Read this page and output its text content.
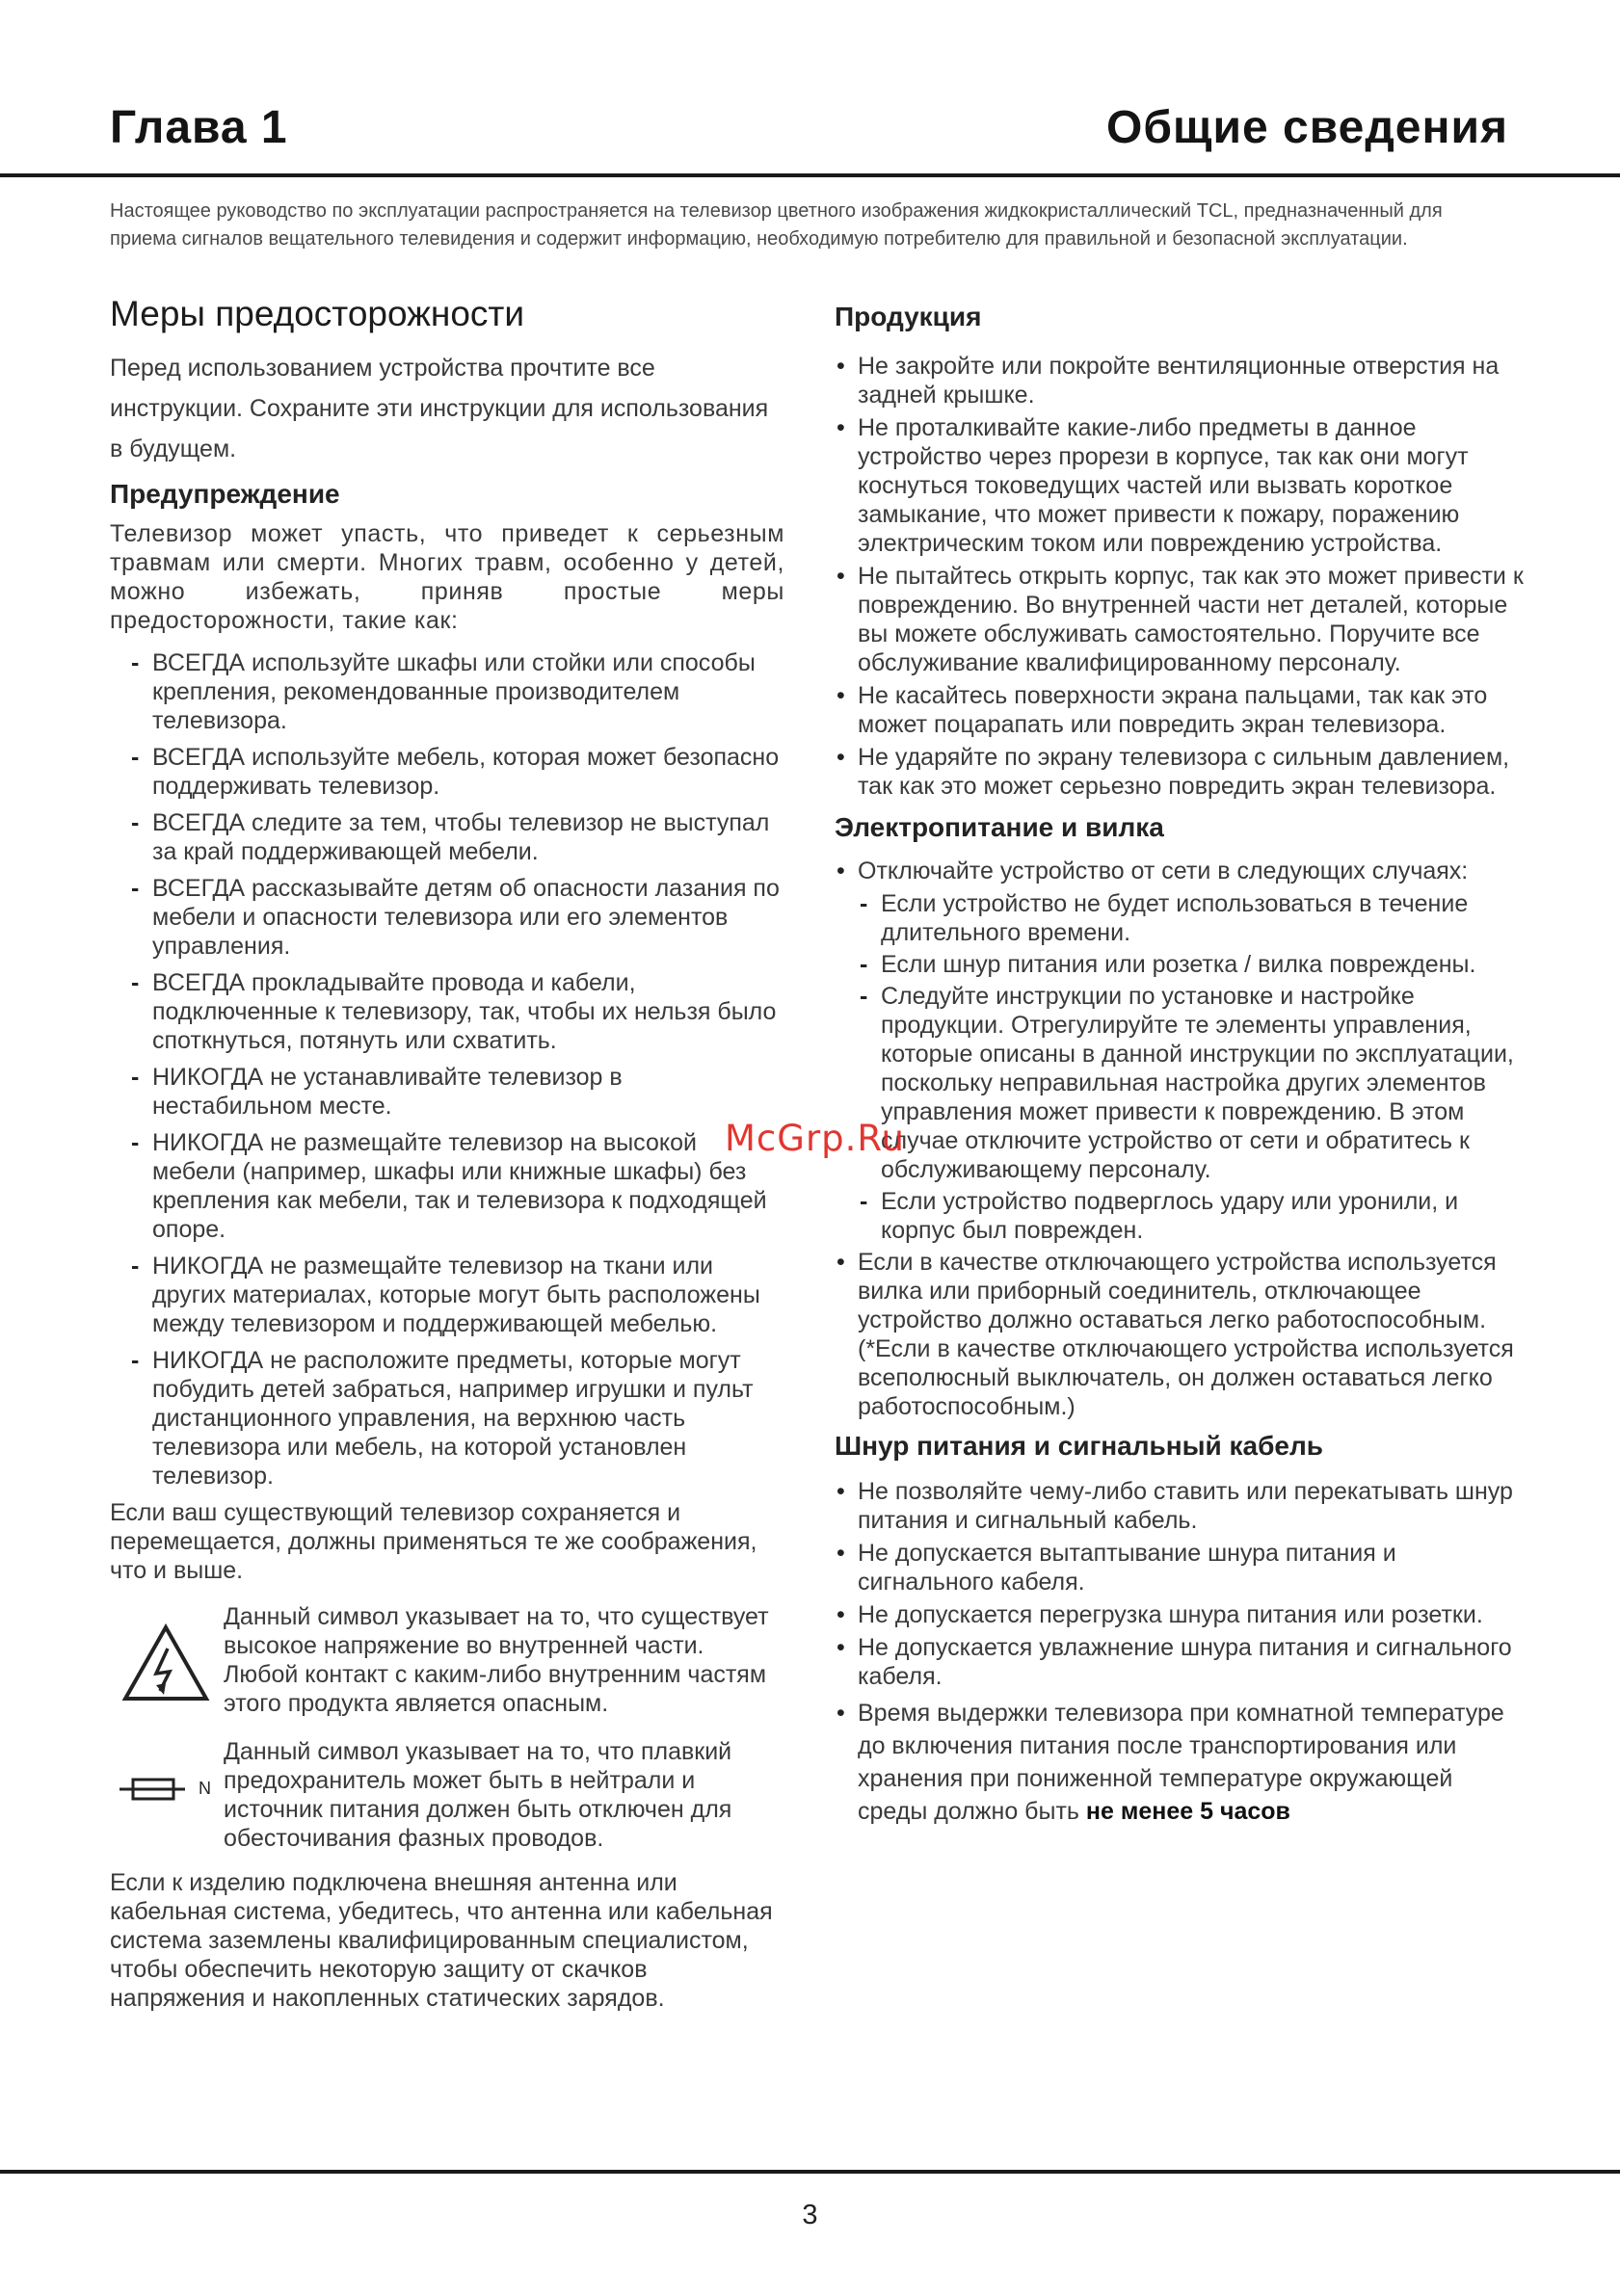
Глава 1	Общие сведения

Настоящее руководство по эксплуатации распространяется на телевизор цветного изображения жидкокристаллический TCL, предназначенный для приема сигналов вещательного телевидения и содержит информацию, необходимую потребителю для правильной и безопасной эксплуатации.

Меры предосторожности

Перед использованием устройства прочтите все инструкции. Сохраните эти инструкции для использования в будущем.

Предупреждение

Телевизор может упасть, что приведет к серьезным травмам или смерти. Многих травм, особенно у детей, можно избежать, приняв простые меры предосторожности, такие как:

- ВСЕГДА используйте шкафы или стойки или способы крепления, рекомендованные производителем телевизора.
- ВСЕГДА используйте мебель, которая может безопасно поддерживать телевизор.
- ВСЕГДА следите за тем, чтобы телевизор не выступал за край поддерживающей мебели.
- ВСЕГДА рассказывайте детям об опасности лазания по мебели и опасности телевизора или его элементов управления.
- ВСЕГДА прокладывайте провода и кабели, подключенные к телевизору, так, чтобы их нельзя было споткнуться, потянуть или схватить.
- НИКОГДА не устанавливайте телевизор в нестабильном месте.
- НИКОГДА не размещайте телевизор на высокой мебели (например, шкафы или книжные шкафы) без крепления как мебели, так и телевизора к подходящей опоре.
- НИКОГДА не размещайте телевизор на ткани или других материалах, которые могут быть расположены между телевизором и поддерживающей мебелью.
- НИКОГДА не расположите предметы, которые могут побудить детей забраться, например игрушки и пульт дистанционного управления, на верхнюю часть телевизора или мебель, на которой установлен телевизор.

Если ваш существующий телевизор сохраняется и перемещается, должны применяться те же соображения, что и выше.

Данный символ указывает на то, что существует высокое напряжение во внутренней части. Любой контакт с каким-либо внутренним частям этого продукта является опасным.

N

Данный символ указывает на то, что плавкий предохранитель может быть в нейтрали и источник питания должен быть отключен для обесточивания фазных проводов.

Если к изделию подключена внешняя антенна или кабельная система, убедитесь, что антенна или кабельная система заземлены квалифицированным специалистом, чтобы обеспечить некоторую защиту от скачков напряжения и накопленных статических зарядов.

Продукция
• Не закройте или покройте вентиляционные отверстия на задней крышке.
• Не проталкивайте какие-либо предметы в данное устройство через прорези в корпусе, так как они могут коснуться токоведущих частей или вызвать короткое замыкание, что может привести к пожару, поражению электрическим током или повреждению устройства.
• Не пытайтесь открыть корпус, так как это может привести к повреждению. Во внутренней части нет деталей, которые вы можете обслуживать самостоятельно. Поручите все обслуживание квалифицированному персоналу.
• Не касайтесь поверхности экрана пальцами, так как это может поцарапать или повредить экран телевизора.
• Не ударяйте по экрану телевизора с сильным давлением, так как это может серьезно повредить экран телевизора.
Электропитание и вилка
• Отключайте устройство от сети в следующих случаях:
- Если устройство не будет использоваться в течение длительного времени.
- Если шнур питания или розетка / вилка повреждены.
- Следуйте инструкции по установке и настройке продукции. Отрегулируйте те элементы управления, которые описаны в данной инструкции по эксплуатации, поскольку неправильная настройка других элементов управления может привести к повреждению. В этом случае отключите устройство от сети и обратитесь к обслуживающему персоналу.
- Если устройство подверглось удару или уронили, и корпус был поврежден.
• Если в качестве отключающего устройства используется вилка или приборный соединитель, отключающее устройство должно оставаться легко работоспособным.
(*Если в качестве отключающего устройства используется всеполюсный выключатель, он должен оставаться легко работоспособным.)
Шнур питания и сигнальный кабель
• Не позволяйте чему-либо ставить или перекатывать шнур питания и сигнальный кабель.
• Не допускается вытаптывание шнура питания и сигнального кабеля.
• Не допускается перегрузка шнура питания или розетки.
• Не допускается увлажнение шнура питания и сигнального кабеля.
• Время выдержки телевизора при комнатной температуре до включения питания после транспортирования или хранения при пониженной температуре окружающей среды должно быть не менее 5 часов
McGrp.Ru
3
